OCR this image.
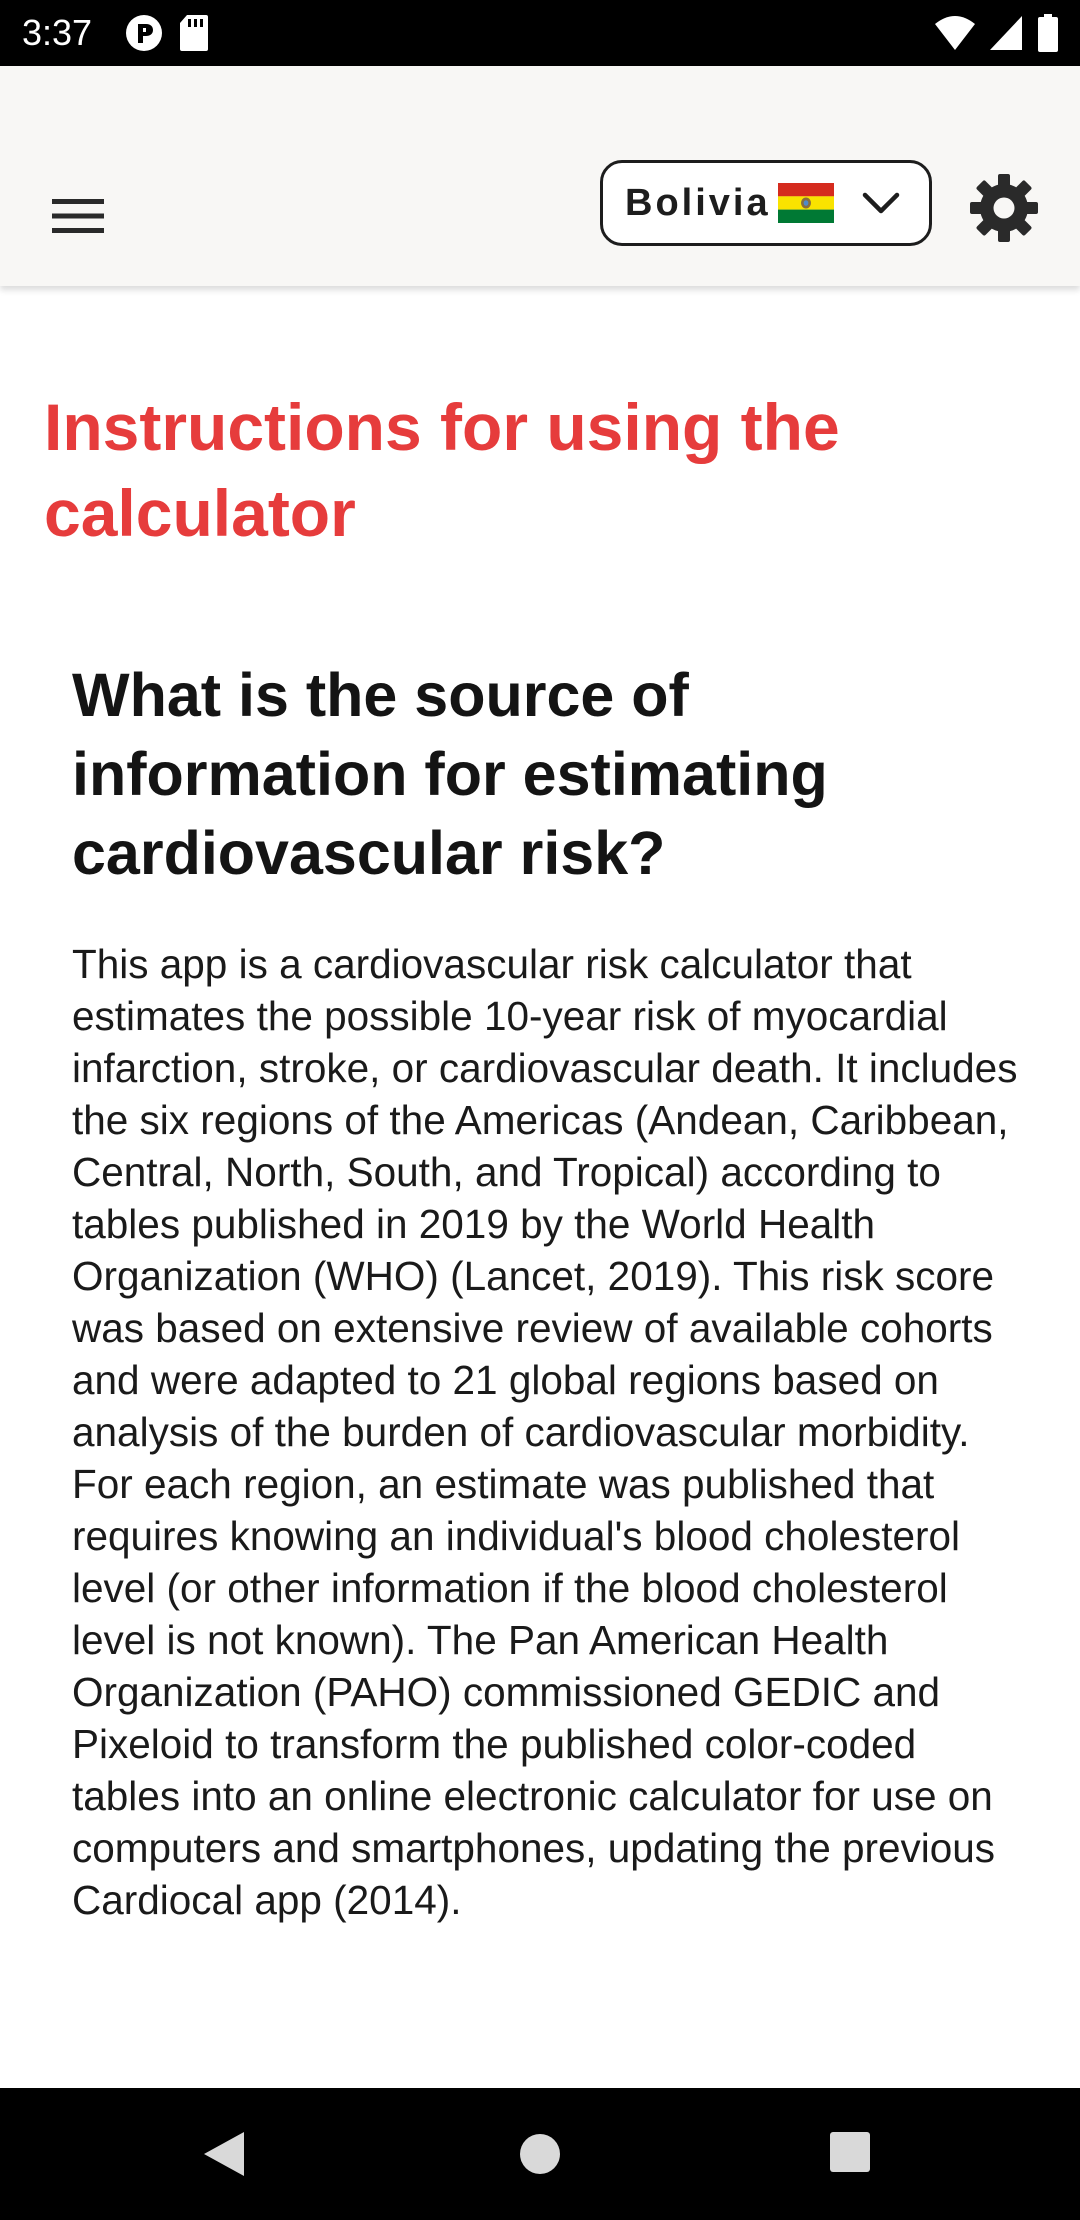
3:37
Bolivia
Instructions for using the calculator
What is the source of information for estimating cardiovascular risk?

This app is a cardiovascular risk calculator that estimates the possible 10-year risk of myocardial infarction, stroke, or cardiovascular death. It includes the six regions of the Americas (Andean, Caribbean, Central, North, South, and Tropical) according to tables published in 2019 by the World Health Organization (WHO) (Lancet, 2019). This risk score was based on extensive review of available cohorts and were adapted to 21 global regions based on analysis of the burden of cardiovascular morbidity. For each region, an estimate was published that requires knowing an individual's blood cholesterol level (or other information if the blood cholesterol level is not known). The Pan American Health Organization (PAHO) commissioned GEDIC and Pixeloid to transform the published color-coded tables into an online electronic calculator for use on computers and smartphones, updating the previous Cardiocal app (2014).
